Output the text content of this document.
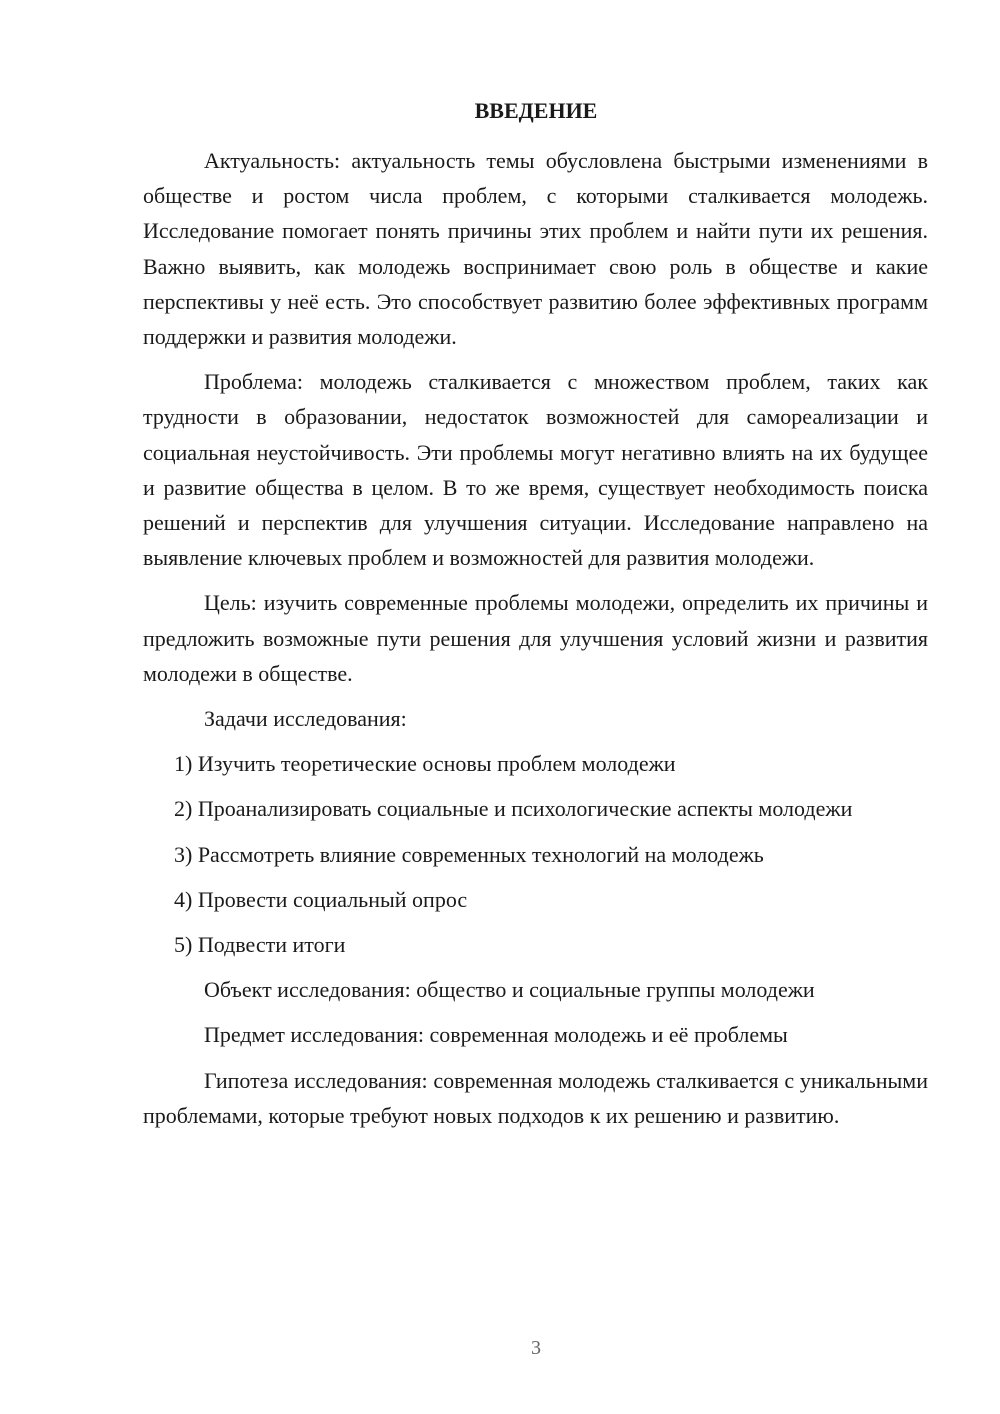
ВВЕДЕНИЕ

Актуальность: актуальность темы обусловлена быстрыми изменениями в обществе и ростом числа проблем, с которыми сталкивается молодежь. Исследование помогает понять причины этих проблем и найти пути их решения. Важно выявить, как молодежь воспринимает свою роль в обществе и какие перспективы у неё есть. Это способствует развитию более эффективных программ поддержки и развития молодежи.

Проблема: молодежь сталкивается с множеством проблем, таких как трудности в образовании, недостаток возможностей для самореализации и социальная неустойчивость. Эти проблемы могут негативно влиять на их будущее и развитие общества в целом. В то же время, существует необходимость поиска решений и перспектив для улучшения ситуации. Исследование направлено на выявление ключевых проблем и возможностей для развития молодежи.

Цель: изучить современные проблемы молодежи, определить их причины и предложить возможные пути решения для улучшения условий жизни и развития молодежи в обществе.

Задачи исследования:

1) Изучить теоретические основы проблем молодежи

2) Проанализировать социальные и психологические аспекты молодежи

3) Рассмотреть влияние современных технологий на молодежь

4) Провести социальный опрос

5) Подвести итоги

Объект исследования: общество и социальные группы молодежи

Предмет исследования: современная молодежь и её проблемы

Гипотеза исследования: современная молодежь сталкивается с уникальными проблемами, которые требуют новых подходов к их решению и развитию.

3
